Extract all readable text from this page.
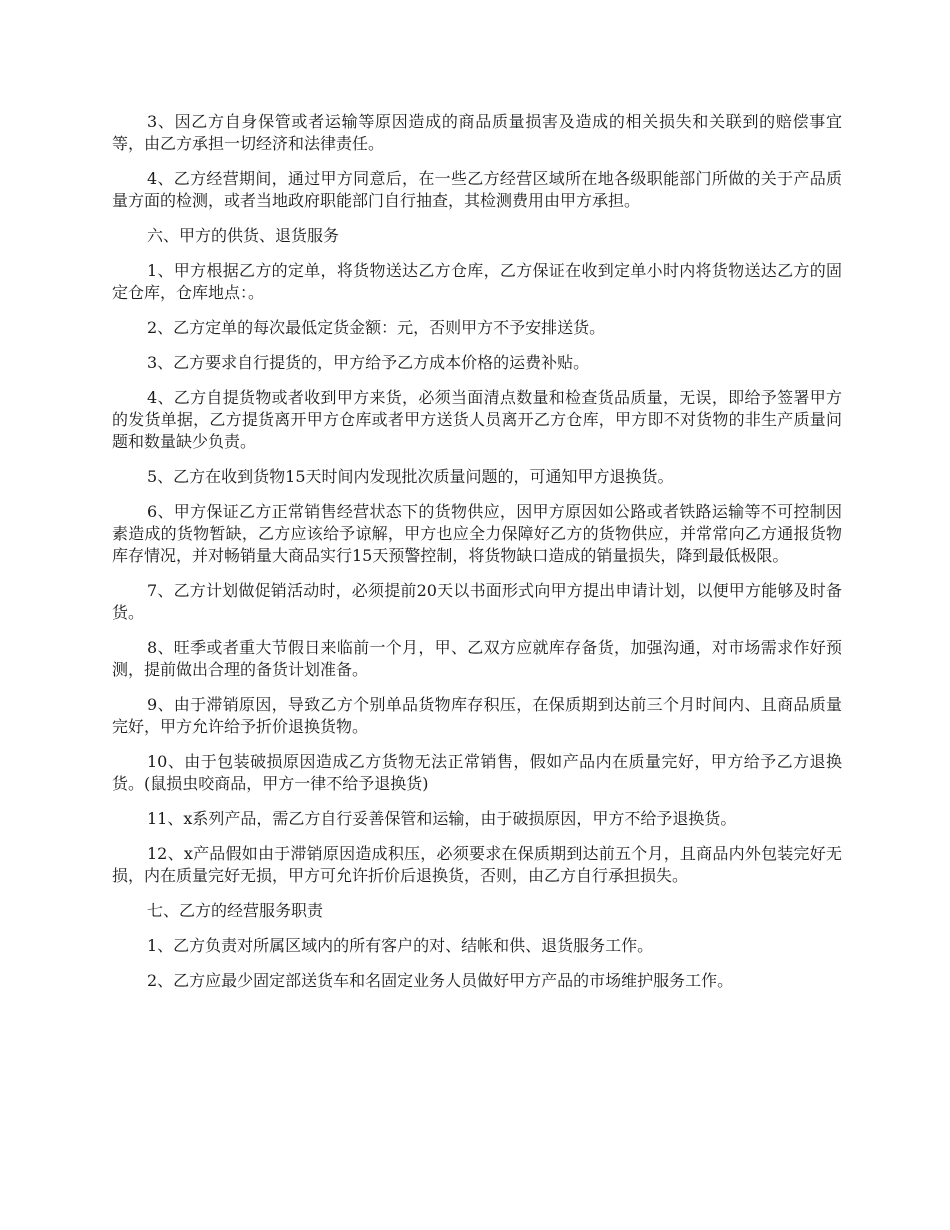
3、因乙方自身保管或者运输等原因造成的商品质量损害及造成的相关损失和关联到的赔偿事宜等，由乙方承担一切经济和法律责任。

4、乙方经营期间，通过甲方同意后，在一些乙方经营区域所在地各级职能部门所做的关于产品质量方面的检测，或者当地政府职能部门自行抽查，其检测费用由甲方承担。

六、甲方的供货、退货服务

1、甲方根据乙方的定单，将货物送达乙方仓库，乙方保证在收到定单小时内将货物送达乙方的固定仓库，仓库地点：。

2、乙方定单的每次最低定货金额：元，否则甲方不予安排送货。

3、乙方要求自行提货的，甲方给予乙方成本价格的运费补贴。

4、乙方自提货物或者收到甲方来货，必须当面清点数量和检查货品质量，无误，即给予签署甲方的发货单据，乙方提货离开甲方仓库或者甲方送货人员离开乙方仓库，甲方即不对货物的非生产质量问题和数量缺少负责。

5、乙方在收到货物15天时间内发现批次质量问题的，可通知甲方退换货。

6、甲方保证乙方正常销售经营状态下的货物供应，因甲方原因如公路或者铁路运输等不可控制因素造成的货物暂缺，乙方应该给予谅解，甲方也应全力保障好乙方的货物供应，并常常向乙方通报货物库存情况，并对畅销量大商品实行15天预警控制，将货物缺口造成的销量损失，降到最低极限。

7、乙方计划做促销活动时，必须提前20天以书面形式向甲方提出申请计划，以便甲方能够及时备货。

8、旺季或者重大节假日来临前一个月，甲、乙双方应就库存备货，加强沟通，对市场需求作好预测，提前做出合理的备货计划准备。

9、由于滞销原因，导致乙方个别单品货物库存积压，在保质期到达前三个月时间内、且商品质量完好，甲方允许给予折价退换货物。

10、由于包装破损原因造成乙方货物无法正常销售，假如产品内在质量完好，甲方给予乙方退换货。(鼠损虫咬商品，甲方一律不给予退换货)

11、x系列产品，需乙方自行妥善保管和运输，由于破损原因，甲方不给予退换货。

12、x产品假如由于滞销原因造成积压，必须要求在保质期到达前五个月，且商品内外包装完好无损，内在质量完好无损，甲方可允许折价后退换货，否则，由乙方自行承担损失。

七、乙方的经营服务职责

1、乙方负责对所属区域内的所有客户的对、结帐和供、退货服务工作。

2、乙方应最少固定部送货车和名固定业务人员做好甲方产品的市场维护服务工作。
